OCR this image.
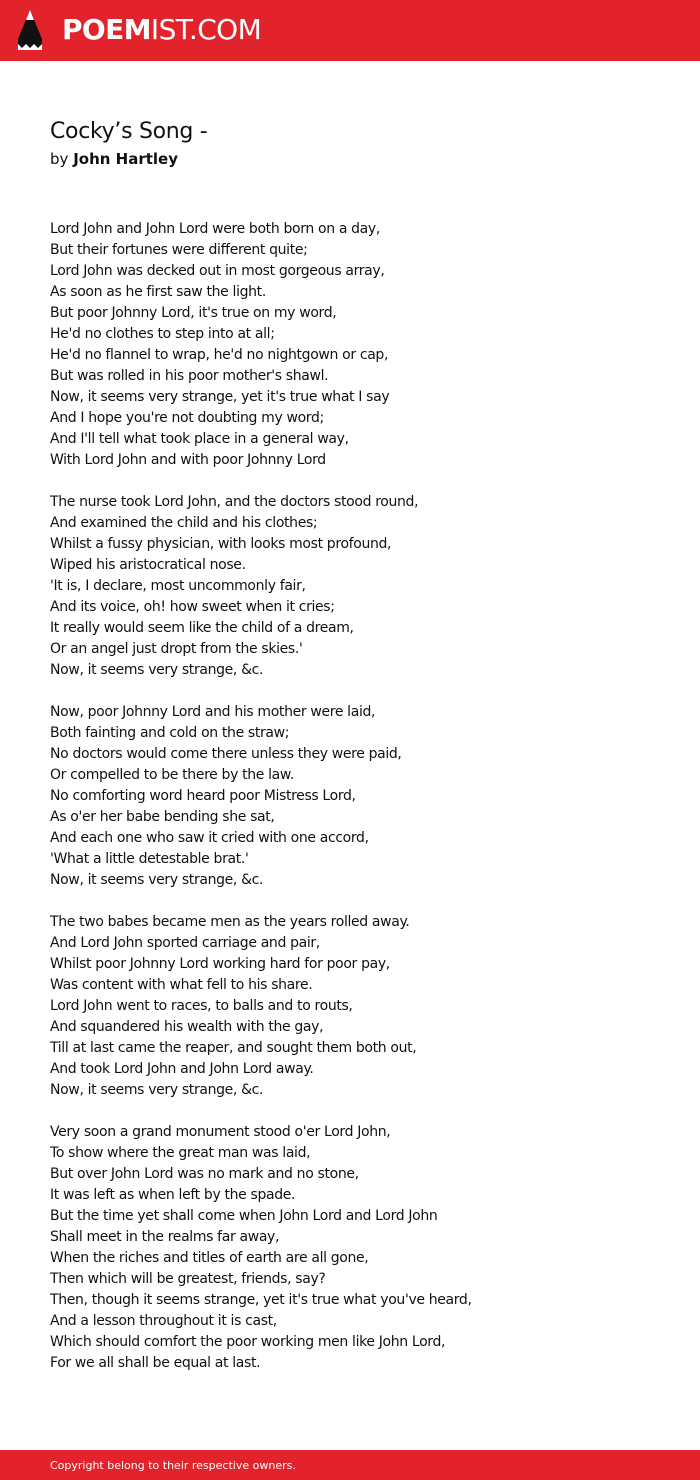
POEMIST.COM
Cocky’s Song -
by John Hartley
Lord John and John Lord were both born on a day,
But their fortunes were different quite;
Lord John was decked out in most gorgeous array,
As soon as he first saw the light.
But poor Johnny Lord, it's true on my word,
He'd no clothes to step into at all;
He'd no flannel to wrap, he'd no nightgown or cap,
But was rolled in his poor mother's shawl.
Now, it seems very strange, yet it's true what I say
And I hope you're not doubting my word;
And I'll tell what took place in a general way,
With Lord John and with poor Johnny Lord
The nurse took Lord John, and the doctors stood round,
And examined the child and his clothes;
Whilst a fussy physician, with looks most profound,
Wiped his aristocratical nose.
'It is, I declare, most uncommonly fair,
And its voice, oh! how sweet when it cries;
It really would seem like the child of a dream,
Or an angel just dropt from the skies.'
Now, it seems very strange, &c.
Now, poor Johnny Lord and his mother were laid,
Both fainting and cold on the straw;
No doctors would come there unless they were paid,
Or compelled to be there by the law.
No comforting word heard poor Mistress Lord,
As o'er her babe bending she sat,
And each one who saw it cried with one accord,
'What a little detestable brat.'
Now, it seems very strange, &c.
The two babes became men as the years rolled away.
And Lord John sported carriage and pair,
Whilst poor Johnny Lord working hard for poor pay,
Was content with what fell to his share.
Lord John went to races, to balls and to routs,
And squandered his wealth with the gay,
Till at last came the reaper, and sought them both out,
And took Lord John and John Lord away.
Now, it seems very strange, &c.
Very soon a grand monument stood o'er Lord John,
To show where the great man was laid,
But over John Lord was no mark and no stone,
It was left as when left by the spade.
But the time yet shall come when John Lord and Lord John
Shall meet in the realms far away,
When the riches and titles of earth are all gone,
Then which will be greatest, friends, say?
Then, though it seems strange, yet it's true what you've heard,
And a lesson throughout it is cast,
Which should comfort the poor working men like John Lord,
For we all shall be equal at last.
Copyright belong to their respective owners.
